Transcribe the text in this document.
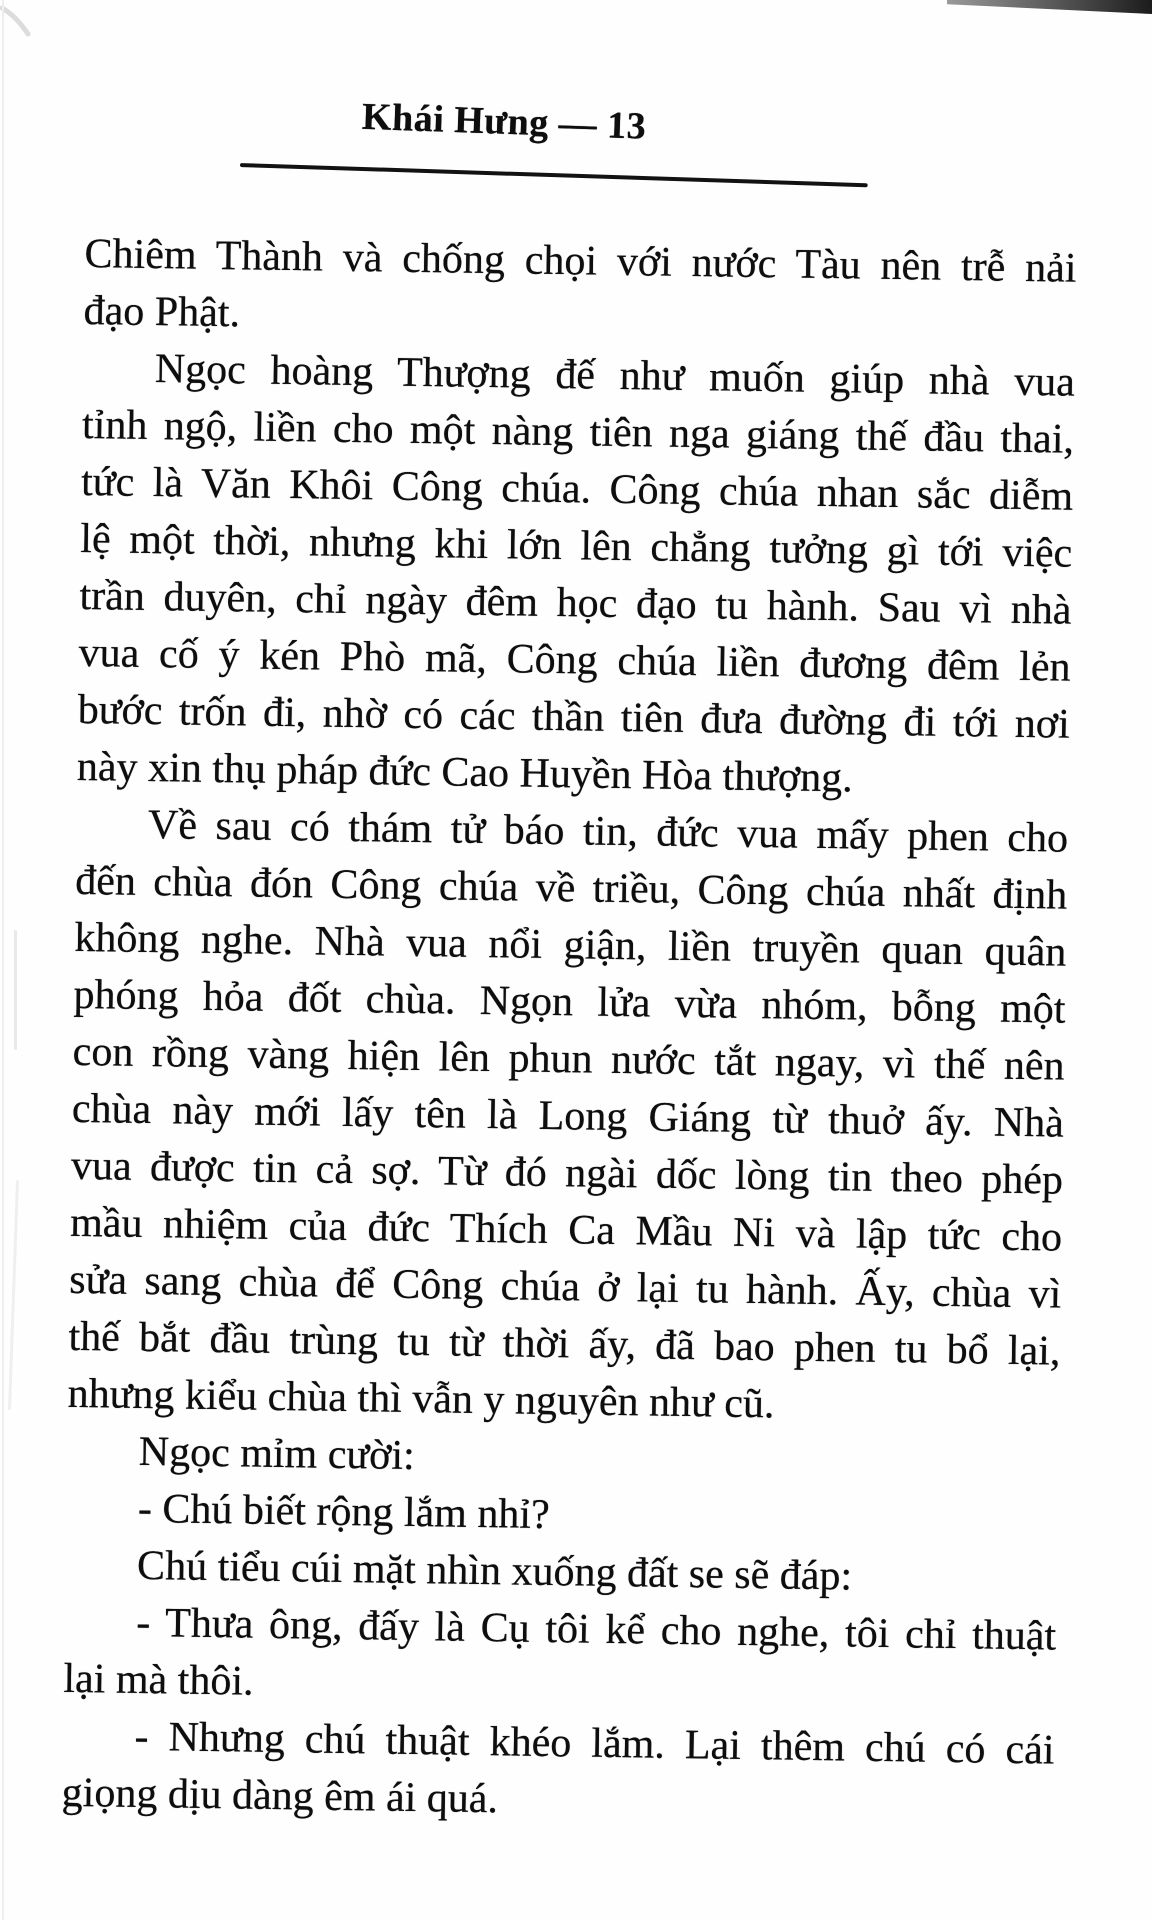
Khái Hưng — 13
Chiêm Thành và chống chọi với nước Tàu nên trễ nải
đạo Phật.
Ngọc hoàng Thượng đế như muốn giúp nhà vua
tỉnh ngộ, liền cho một nàng tiên nga giáng thế đầu thai,
tức là Văn Khôi Công chúa. Công chúa nhan sắc diễm
lệ một thời, nhưng khi lớn lên chẳng tưởng gì tới việc
trần duyên, chỉ ngày đêm học đạo tu hành. Sau vì nhà
vua cố ý kén Phò mã, Công chúa liền đương đêm lẻn
bước trốn đi, nhờ có các thần tiên đưa đường đi tới nơi
này xin thụ pháp đức Cao Huyền Hòa thượng.
Về sau có thám tử báo tin, đức vua mấy phen cho
đến chùa đón Công chúa về triều, Công chúa nhất định
không nghe. Nhà vua nổi giận, liền truyền quan quân
phóng hỏa đốt chùa. Ngọn lửa vừa nhóm, bỗng một
con rồng vàng hiện lên phun nước tắt ngay, vì thế nên
chùa này mới lấy tên là Long Giáng từ thuở ấy. Nhà
vua được tin cả sợ. Từ đó ngài dốc lòng tin theo phép
mầu nhiệm của đức Thích Ca Mầu Ni và lập tức cho
sửa sang chùa để Công chúa ở lại tu hành. Ấy, chùa vì
thế bắt đầu trùng tu từ thời ấy, đã bao phen tu bổ lại,
nhưng kiểu chùa thì vẫn y nguyên như cũ.
Ngọc mỉm cười:
- Chú biết rộng lắm nhỉ?
Chú tiểu cúi mặt nhìn xuống đất se sẽ đáp:
- Thưa ông, đấy là Cụ tôi kể cho nghe, tôi chỉ thuật
lại mà thôi.
- Nhưng chú thuật khéo lắm. Lại thêm chú có cái
giọng dịu dàng êm ái quá.
